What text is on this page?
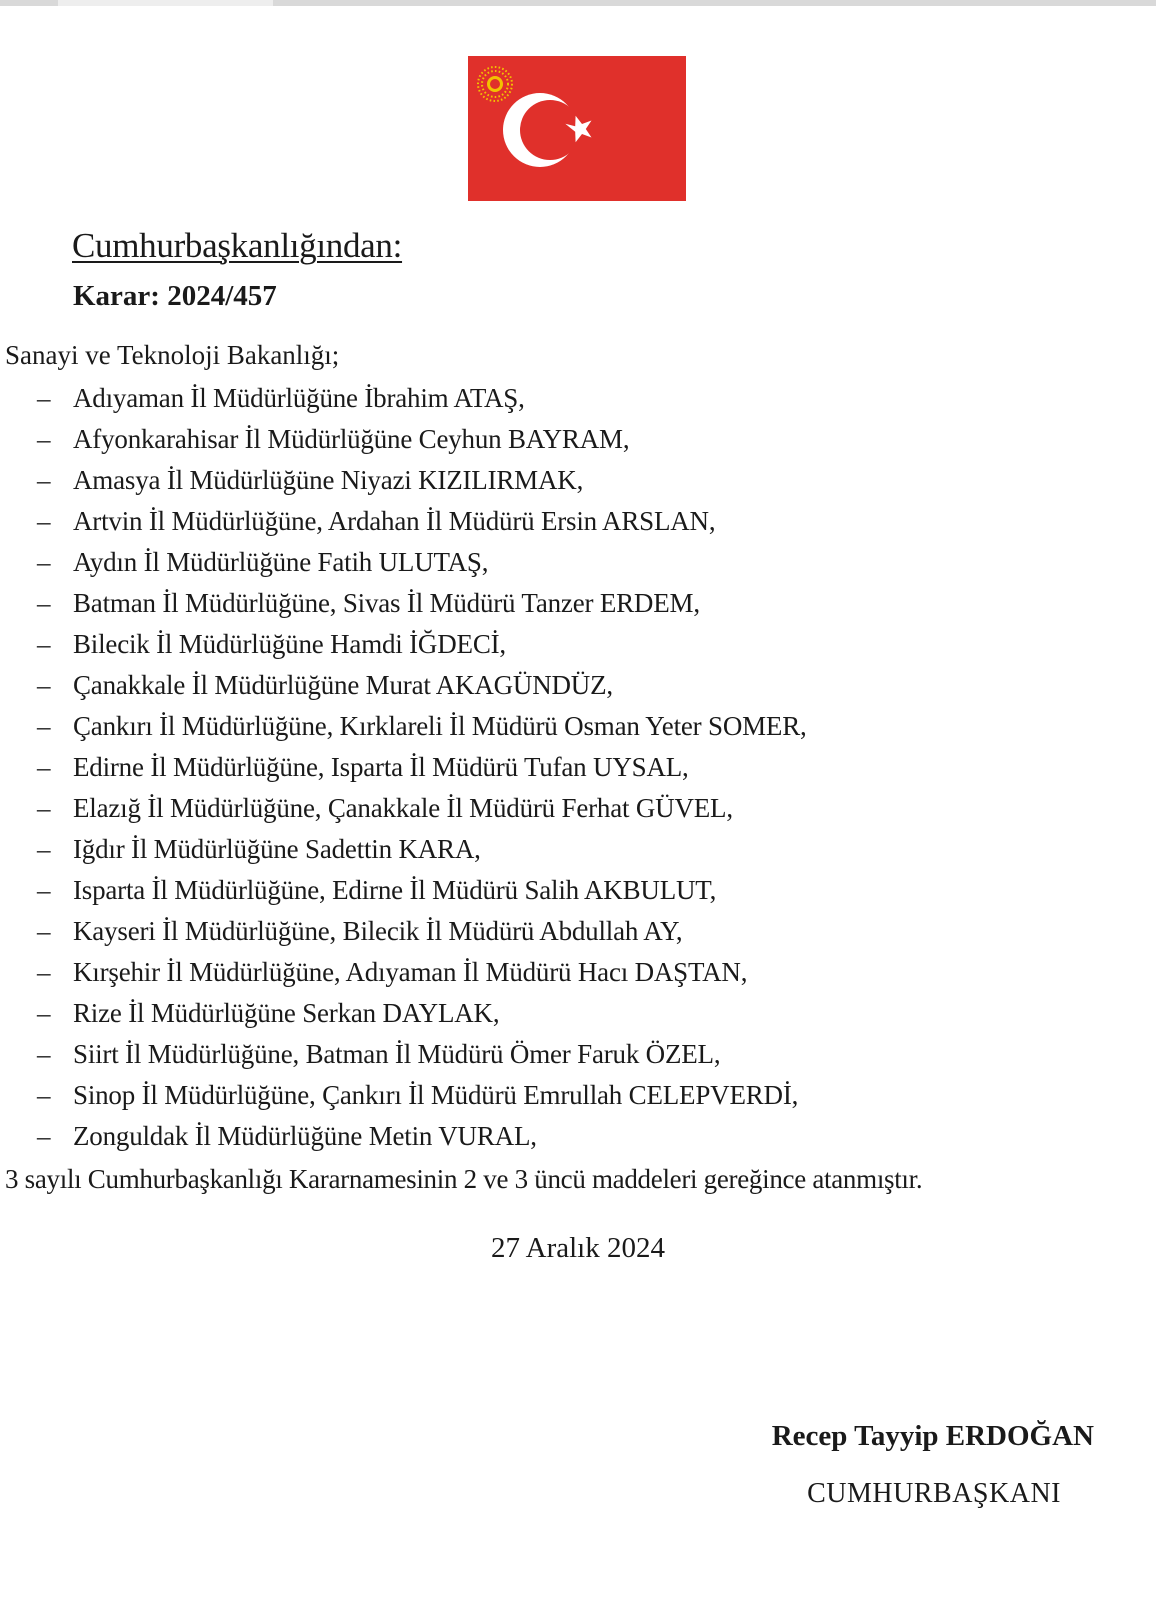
Cumhurbaşkanlığından:
Karar: 2024/457
Sanayi ve Teknoloji Bakanlığı;
– Adıyaman İl Müdürlüğüne İbrahim ATAŞ,
– Afyonkarahisar İl Müdürlüğüne Ceyhun BAYRAM,
– Amasya İl Müdürlüğüne Niyazi KIZILIRMAK,
– Artvin İl Müdürlüğüne, Ardahan İl Müdürü Ersin ARSLAN,
– Aydın İl Müdürlüğüne Fatih ULUTAŞ,
– Batman İl Müdürlüğüne, Sivas İl Müdürü Tanzer ERDEM,
– Bilecik İl Müdürlüğüne Hamdi İĞDECİ,
– Çanakkale İl Müdürlüğüne Murat AKAGÜNDÜZ,
– Çankırı İl Müdürlüğüne, Kırklareli İl Müdürü Osman Yeter SOMER,
– Edirne İl Müdürlüğüne, Isparta İl Müdürü Tufan UYSAL,
– Elazığ İl Müdürlüğüne, Çanakkale İl Müdürü Ferhat GÜVEL,
– Iğdır İl Müdürlüğüne Sadettin KARA,
– Isparta İl Müdürlüğüne, Edirne İl Müdürü Salih AKBULUT,
– Kayseri İl Müdürlüğüne, Bilecik İl Müdürü Abdullah AY,
– Kırşehir İl Müdürlüğüne, Adıyaman İl Müdürü Hacı DAŞTAN,
– Rize İl Müdürlüğüne Serkan DAYLAK,
– Siirt İl Müdürlüğüne, Batman İl Müdürü Ömer Faruk ÖZEL,
– Sinop İl Müdürlüğüne, Çankırı İl Müdürü Emrullah CELEPVERDİ,
– Zonguldak İl Müdürlüğüne Metin VURAL,
3 sayılı Cumhurbaşkanlığı Kararnamesinin 2 ve 3 üncü maddeleri gereğince atanmıştır.
27 Aralık 2024
Recep Tayyip ERDOĞAN
CUMHURBAŞKANI
